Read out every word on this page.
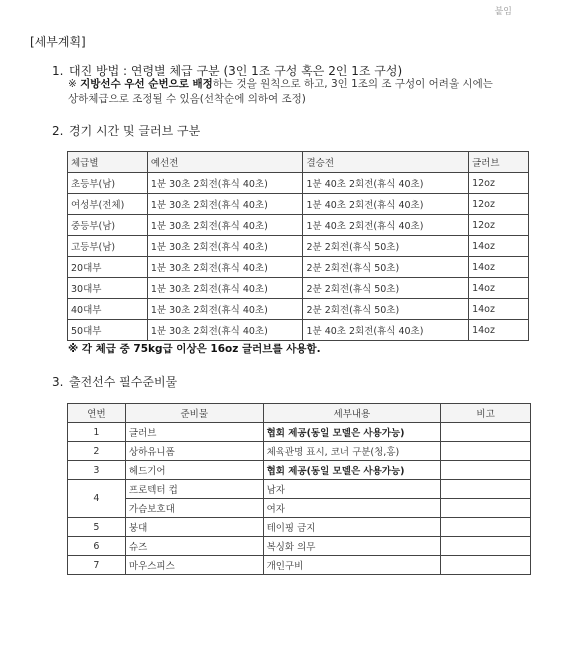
붙임
[세부계획]
1. 대진 방법 : 연령별 체급 구분 (3인 1조 구성 혹은 2인 1조 구성)
※ 지방선수 우선 순번으로 배정하는 것을 원칙으로 하고, 3인 1조의 조 구성이 어려울 시에는
상하체급으로 조정될 수 있음(선착순에 의하여 조정)
2. 경기 시간 및 글러브 구분
체급별	예선전	결승전	글러브
초등부(남)	1분 30초 2회전(휴식 40초)	1분 40초 2회전(휴식 40초)	12oz
여성부(전체)	1분 30초 2회전(휴식 40초)	1분 40초 2회전(휴식 40초)	12oz
중등부(남)	1분 30초 2회전(휴식 40초)	1분 40초 2회전(휴식 40초)	12oz
고등부(남)	1분 30초 2회전(휴식 40초)	2분 2회전(휴식 50초)	14oz
20대부	1분 30초 2회전(휴식 40초)	2분 2회전(휴식 50초)	14oz
30대부	1분 30초 2회전(휴식 40초)	2분 2회전(휴식 50초)	14oz
40대부	1분 30초 2회전(휴식 40초)	2분 2회전(휴식 50초)	14oz
50대부	1분 30초 2회전(휴식 40초)	1분 40초 2회전(휴식 40초)	14oz
※ 각 체급 중 75kg급 이상은 16oz 글러브를 사용함.
3. 출전선수 필수준비물
연번	준비물	세부내용	비고
1	글러브	협회 제공(동일 모델은 사용가능)	
2	상하유니폼	체육관명 표시, 코너 구분(청,홍)	
3	헤드기어	협회 제공(동일 모델은 사용가능)	
4	프로텍터 컵	남자	
	가슴보호대	여자	
5	붕대	테이핑 금지	
6	슈즈	복싱화 의무	
7	마우스피스	개인구비	
